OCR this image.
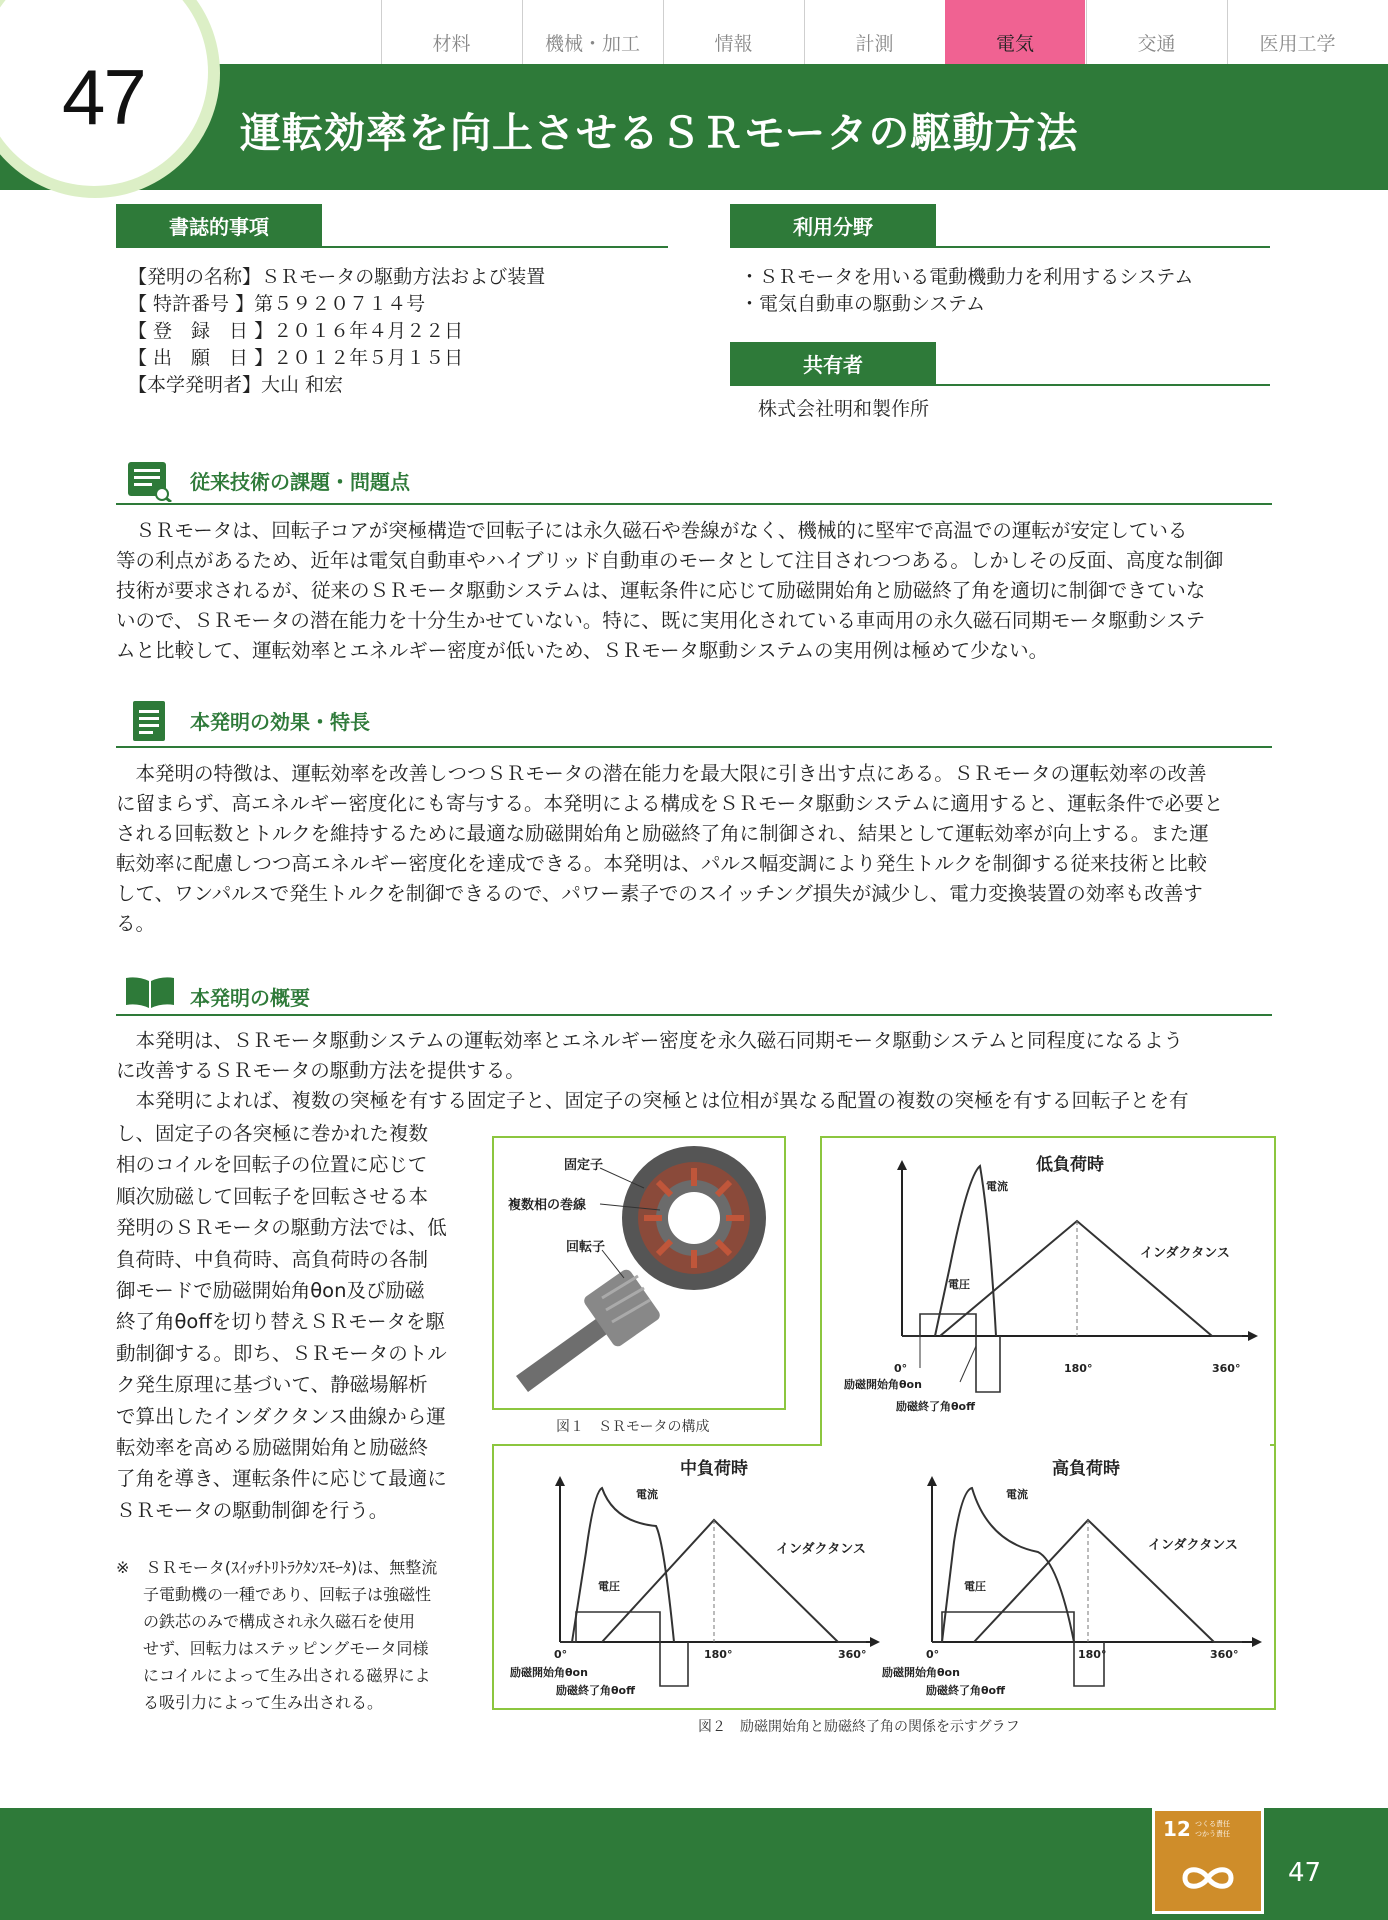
47 運転効率を向上させるＳＲモータの駆動方法
材料	機械・加工	情報	計測	電気	交通	医用工学
書誌的事項
【発明の名称】ＳＲモータの駆動方法および装置
【 特許番号 】第５９２０７１４号
【 登　録　日 】２０１６年４月２２日
【 出　願　日 】２０１２年５月１５日
【本学発明者】大山 和宏
利用分野
・ＳＲモータを用いる電動機動力を利用するシステム
・電気自動車の駆動システム
共有者
株式会社明和製作所
従来技術の課題・問題点
　ＳＲモータは、回転子コアが突極構造で回転子には永久磁石や巻線がなく、機械的に堅牢で高温での運転が安定している
等の利点があるため、近年は電気自動車やハイブリッド自動車のモータとして注目されつつある。しかしその反面、高度な制御
技術が要求されるが、従来のＳＲモータ駆動システムは、運転条件に応じて励磁開始角と励磁終了角を適切に制御できていな
いので、ＳＲモータの潜在能力を十分生かせていない。特に、既に実用化されている車両用の永久磁石同期モータ駆動システ
ムと比較して、運転効率とエネルギー密度が低いため、ＳＲモータ駆動システムの実用例は極めて少ない。
本発明の効果・特長
　本発明の特徴は、運転効率を改善しつつＳＲモータの潜在能力を最大限に引き出す点にある。ＳＲモータの運転効率の改善
に留まらず、高エネルギー密度化にも寄与する。本発明による構成をＳＲモータ駆動システムに適用すると、運転条件で必要と
される回転数とトルクを維持するために最適な励磁開始角と励磁終了角に制御され、結果として運転効率が向上する。また運
転効率に配慮しつつ高エネルギー密度化を達成できる。本発明は、パルス幅変調により発生トルクを制御する従来技術と比較
して、ワンパルスで発生トルクを制御できるので、パワー素子でのスイッチング損失が減少し、電力変換装置の効率も改善す
る。
本発明の概要
　本発明は、ＳＲモータ駆動システムの運転効率とエネルギー密度を永久磁石同期モータ駆動システムと同程度になるよう
に改善するＳＲモータの駆動方法を提供する。
　本発明によれば、複数の突極を有する固定子と、固定子の突極とは位相が異なる配置の複数の突極を有する回転子とを有
し、固定子の各突極に巻かれた複数
相のコイルを回転子の位置に応じて
順次励磁して回転子を回転させる本
発明のＳＲモータの駆動方法では、低
負荷時、中負荷時、高負荷時の各制
御モードで励磁開始角θon及び励磁
終了角θoffを切り替えＳＲモータを駆
動制御する。即ち、ＳＲモータのトル
ク発生原理に基づいて、静磁場解析
で算出したインダクタンス曲線から運
転効率を高める励磁開始角と励磁終
了角を導き、運転条件に応じて最適に
ＳＲモータの駆動制御を行う。
※　ＳＲモータ(ｽｲｯﾁﾄﾘﾄﾗｸﾀﾝｽﾓｰﾀ)は、無整流
子電動機の一種であり、回転子は強磁性
の鉄芯のみで構成され永久磁石を使用
せず、回転力はステッピングモータ同様
にコイルによって生み出される磁界によ
る吸引力によって生み出される。
固定子
複数相の巻線
回転子
図１　ＳＲモータの構成
低負荷時
電流
電圧
インダクタンス
0°	180°	360°
励磁開始角θon
励磁終了角θoff
中負荷時
電流
電圧
インダクタンス
0°	180°	360°
励磁開始角θon
励磁終了角θoff
高負荷時
電流
電圧
インダクタンス
0°	180°	360°
励磁開始角θon
励磁終了角θoff
図２　励磁開始角と励磁終了角の関係を示すグラフ
12 つくる責任
つかう責任
47
